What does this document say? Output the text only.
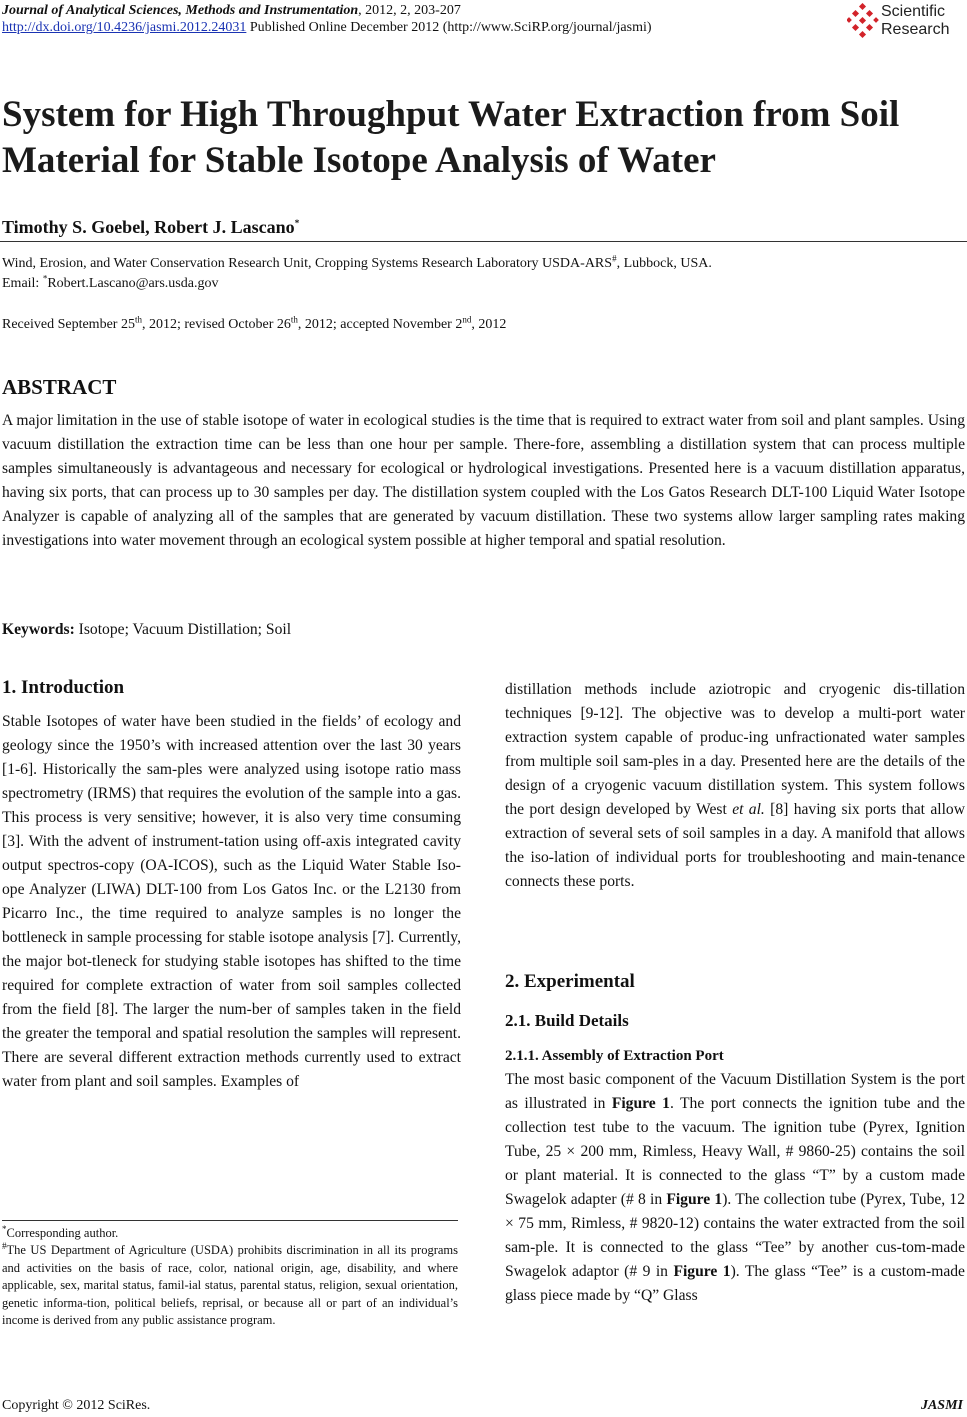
Journal of Analytical Sciences, Methods and Instrumentation, 2012, 2, 203-207
http://dx.doi.org/10.4236/jasmi.2012.24031 Published Online December 2012 (http://www.SciRP.org/journal/jasmi)
Scientific
Research
System for High Throughput Water Extraction from Soil Material for Stable Isotope Analysis of Water
Timothy S. Goebel, Robert J. Lascano*
Wind, Erosion, and Water Conservation Research Unit, Cropping Systems Research Laboratory USDA-ARS#, Lubbock, USA.
Email: *Robert.Lascano@ars.usda.gov
Received September 25th, 2012; revised October 26th, 2012; accepted November 2nd, 2012
ABSTRACT
A major limitation in the use of stable isotope of water in ecological studies is the time that is required to extract water from soil and plant samples. Using vacuum distillation the extraction time can be less than one hour per sample. There-fore, assembling a distillation system that can process multiple samples simultaneously is advantageous and necessary for ecological or hydrological investigations. Presented here is a vacuum distillation apparatus, having six ports, that can process up to 30 samples per day. The distillation system coupled with the Los Gatos Research DLT-100 Liquid Water Isotope Analyzer is capable of analyzing all of the samples that are generated by vacuum distillation. These two systems allow larger sampling rates making investigations into water movement through an ecological system possible at higher temporal and spatial resolution.
Keywords: Isotope; Vacuum Distillation; Soil
1. Introduction
Stable Isotopes of water have been studied in the fields’ of ecology and geology since the 1950’s with increased attention over the last 30 years [1-6]. Historically the sam-ples were analyzed using isotope ratio mass spectrometry (IRMS) that requires the evolution of the sample into a gas. This process is very sensitive; however, it is also very time consuming [3]. With the advent of instrument-tation using off-axis integrated cavity output spectros-copy (OA-ICOS), such as the Liquid Water Stable Iso-ope Analyzer (LIWA) DLT-100 from Los Gatos Inc. or the L2130 from Picarro Inc., the time required to analyze samples is no longer the bottleneck in sample processing for stable isotope analysis [7]. Currently, the major bot-tleneck for studying stable isotopes has shifted to the time required for complete extraction of water from soil samples collected from the field [8]. The larger the num-ber of samples taken in the field the greater the temporal and spatial resolution the samples will represent. There are several different extraction methods currently used to extract water from plant and soil samples. Examples of
*Corresponding author.
#The US Department of Agriculture (USDA) prohibits discrimination in all its programs and activities on the basis of race, color, national origin, age, disability, and where applicable, sex, marital status, famil-ial status, parental status, religion, sexual orientation, genetic informa-tion, political beliefs, reprisal, or because all or part of an individual’s income is derived from any public assistance program.
distillation methods include aziotropic and cryogenic dis-tillation techniques [9-12]. The objective was to develop a multi-port water extraction system capable of produc-ing unfractionated water samples from multiple soil sam-ples in a day. Presented here are the details of the design of a cryogenic vacuum distillation system. This system follows the port design developed by West et al. [8] having six ports that allow extraction of several sets of soil samples in a day. A manifold that allows the iso-lation of individual ports for troubleshooting and main-tenance connects these ports.
2. Experimental
2.1. Build Details
2.1.1. Assembly of Extraction Port
The most basic component of the Vacuum Distillation System is the port as illustrated in Figure 1. The port connects the ignition tube and the collection test tube to the vacuum. The ignition tube (Pyrex, Ignition Tube, 25 × 200 mm, Rimless, Heavy Wall, # 9860-25) contains the soil or plant material. It is connected to the glass “T” by a custom made Swagelok adapter (# 8 in Figure 1). The collection tube (Pyrex, Tube, 12 × 75 mm, Rimless, # 9820-12) contains the water extracted from the soil sam-ple. It is connected to the glass “Tee” by another cus-tom-made Swagelok adaptor (# 9 in Figure 1). The glass “Tee” is a custom-made glass piece made by “Q” Glass
Copyright © 2012 SciRes.	JASMI
